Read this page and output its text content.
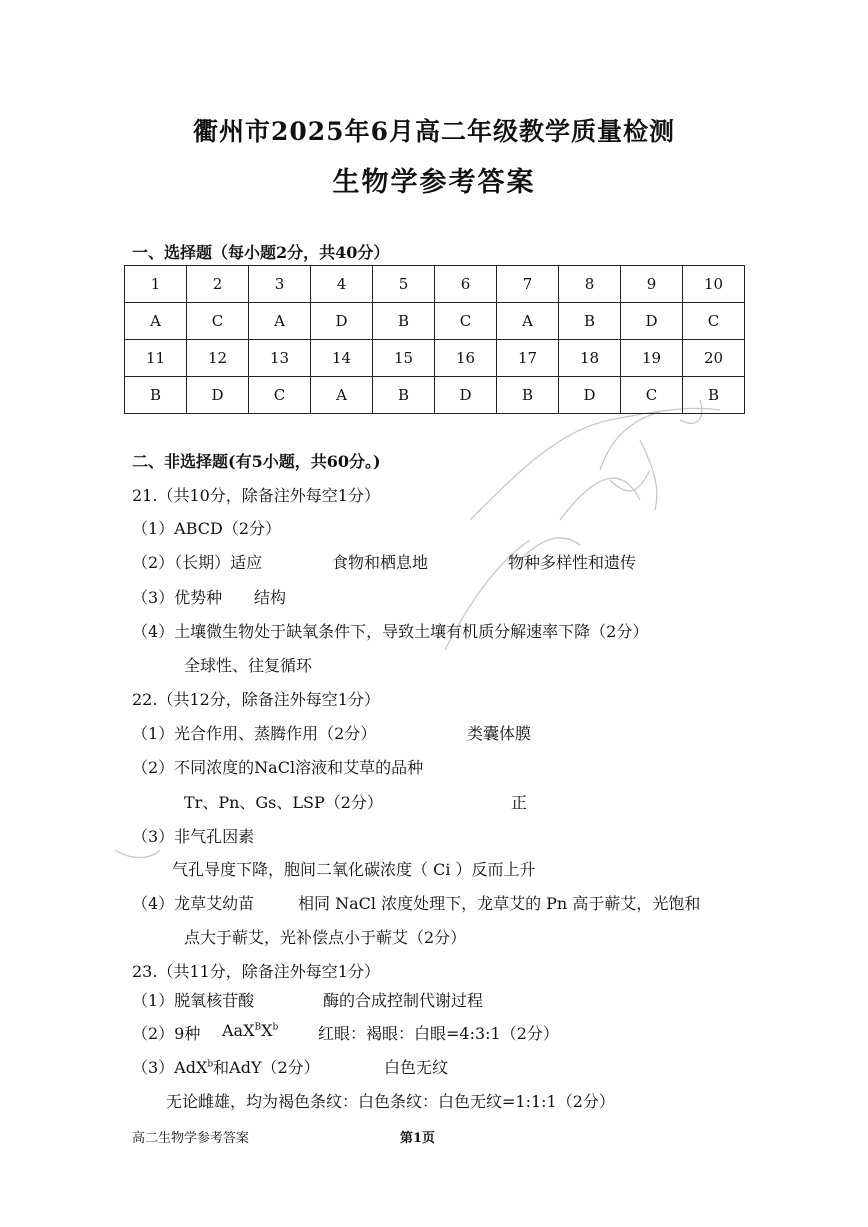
衢州市2025年6月高二年级教学质量检测
生物学参考答案
一、选择题（每小题2分，共40分）
1	2	3	4	5	6	7	8	9	10
A	C	A	D	B	C	A	B	D	C
11	12	13	14	15	16	17	18	19	20
B	D	C	A	B	D	B	D	C	B
二、非选择题(有5小题，共60分。)
21.（共10分，除备注外每空1分）
（1）ABCD（2分）
（2）（长期）适应	食物和栖息地	物种多样性和遗传
（3）优势种 结构
（4）土壤微生物处于缺氧条件下，导致土壤有机质分解速率下降（2分）
全球性、往复循环
22.（共12分，除备注外每空1分）
（1）光合作用、蒸腾作用（2分）	类囊体膜
（2）不同浓度的NaCl溶液和艾草的品种
Tr、Pn、Gs、LSP（2分）	正
（3）非气孔因素
气孔导度下降，胞间二氧化碳浓度（ Ci ）反而上升
（4）龙草艾幼苗	相同 NaCl 浓度处理下，龙草艾的 Pn 高于蕲艾，光饱和
点大于蕲艾，光补偿点小于蕲艾（2分）
23.（共11分，除备注外每空1分）
（1）脱氧核苷酸	酶的合成控制代谢过程
（2）9种 $AaX^BX^b$ 红眼：褐眼：白眼=4:3:1（2分）
（3）AdX$^b$和AdY（2分）	白色无纹
无论雌雄，均为褐色条纹：白色条纹：白色无纹=1:1:1（2分）
高二生物学参考答案	第1页
